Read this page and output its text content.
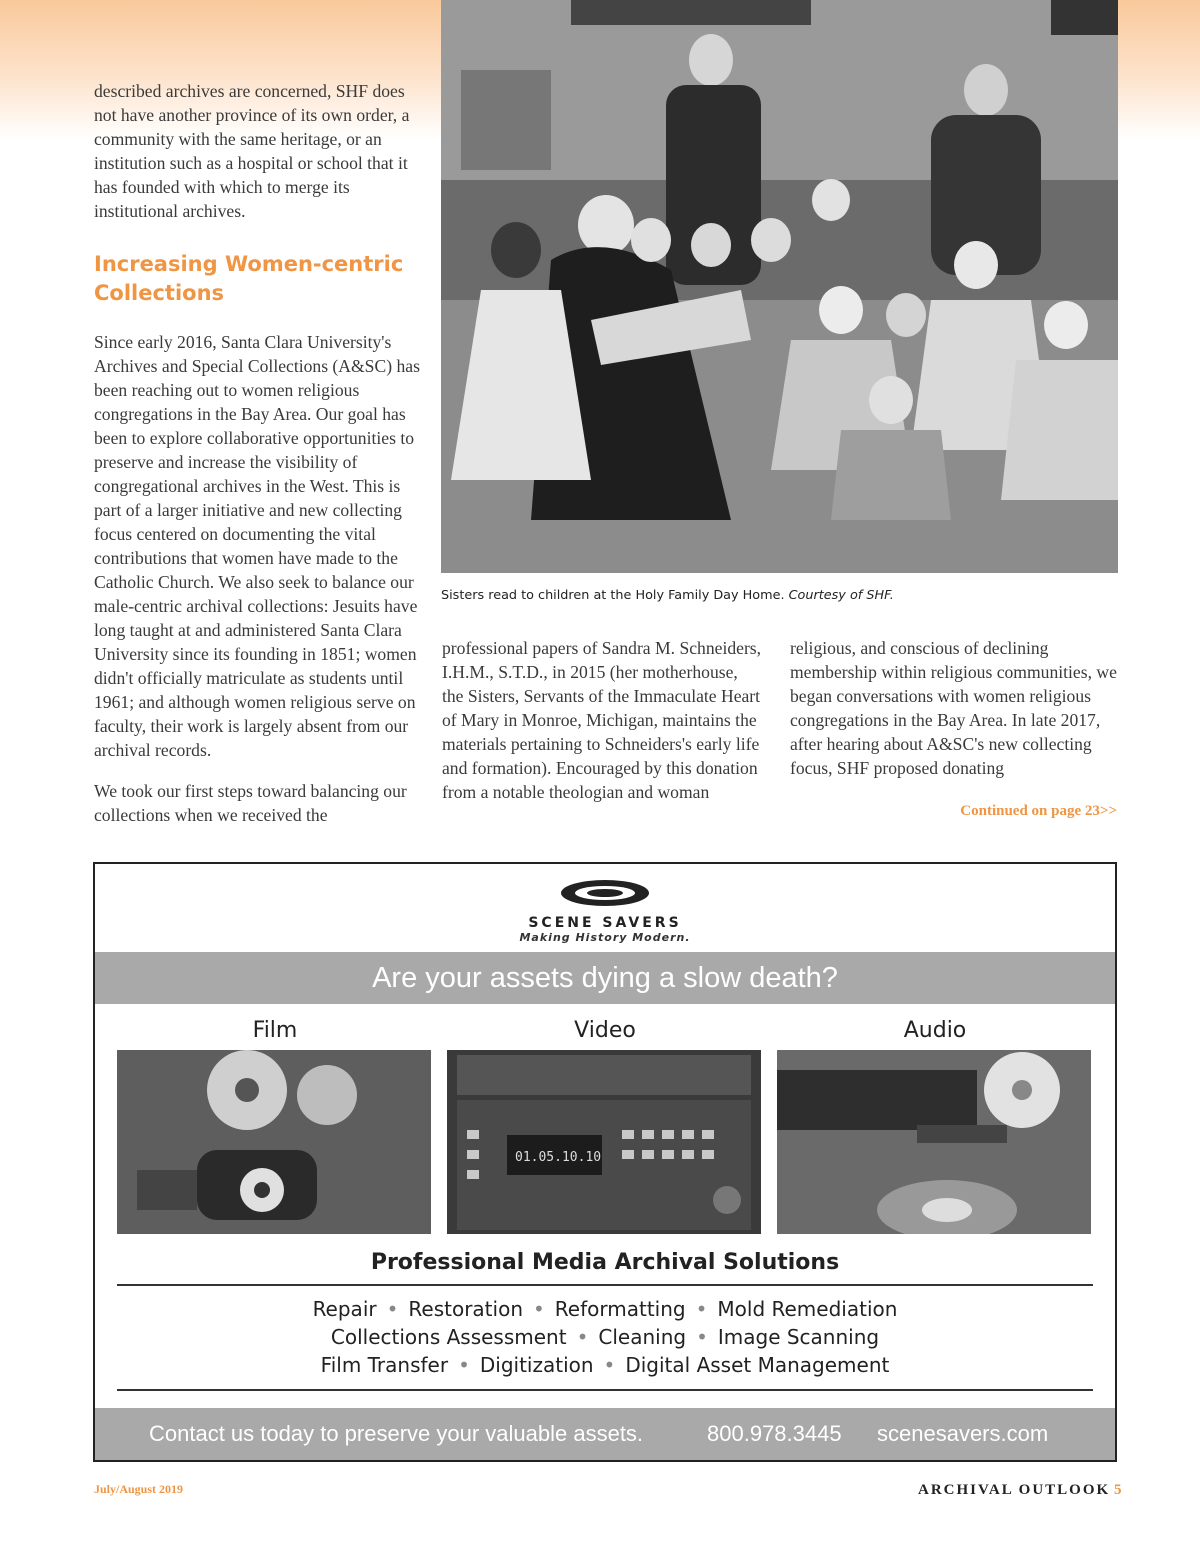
described archives are concerned, SHF does not have another province of its own order, a community with the same heritage, or an institution such as a hospital or school that it has founded with which to merge its institutional archives.

Increasing Women-centric Collections

Since early 2016, Santa Clara University's Archives and Special Collections (A&SC) has been reaching out to women religious congregations in the Bay Area. Our goal has been to explore collaborative opportunities to preserve and increase the visibility of congregational archives in the West. This is part of a larger initiative and new collecting focus centered on documenting the vital contributions that women have made to the Catholic Church. We also seek to balance our male-centric archival collections: Jesuits have long taught at and administered Santa Clara University since its founding in 1851; women didn't officially matriculate as students until 1961; and although women religious serve on faculty, their work is largely absent from our archival records.

We took our first steps toward balancing our collections when we received the

Sisters read to children at the Holy Family Day Home. Courtesy of SHF.

professional papers of Sandra M. Schneiders, I.H.M., S.T.D., in 2015 (her motherhouse, the Sisters, Servants of the Immaculate Heart of Mary in Monroe, Michigan, maintains the materials pertaining to Schneiders's early life and formation). Encouraged by this donation from a notable theologian and woman

religious, and conscious of declining membership within religious communities, we began conversations with women religious congregations in the Bay Area. In late 2017, after hearing about A&SC's new collecting focus, SHF proposed donating

Continued on page 23>>
SCENE SAVERS
Making History Modern.
Are your assets dying a slow death?
Film	Video	Audio
01.05.10.10
Professional Media Archival Solutions
Repair • Restoration • Reformatting • Mold Remediation
Collections Assessment • Cleaning • Image Scanning
Film Transfer • Digitization • Digital Asset Management
Contact us today to preserve your valuable assets.	800.978.3445 scenesavers.com
July/August 2019	ARCHIVAL OUTLOOK 5
